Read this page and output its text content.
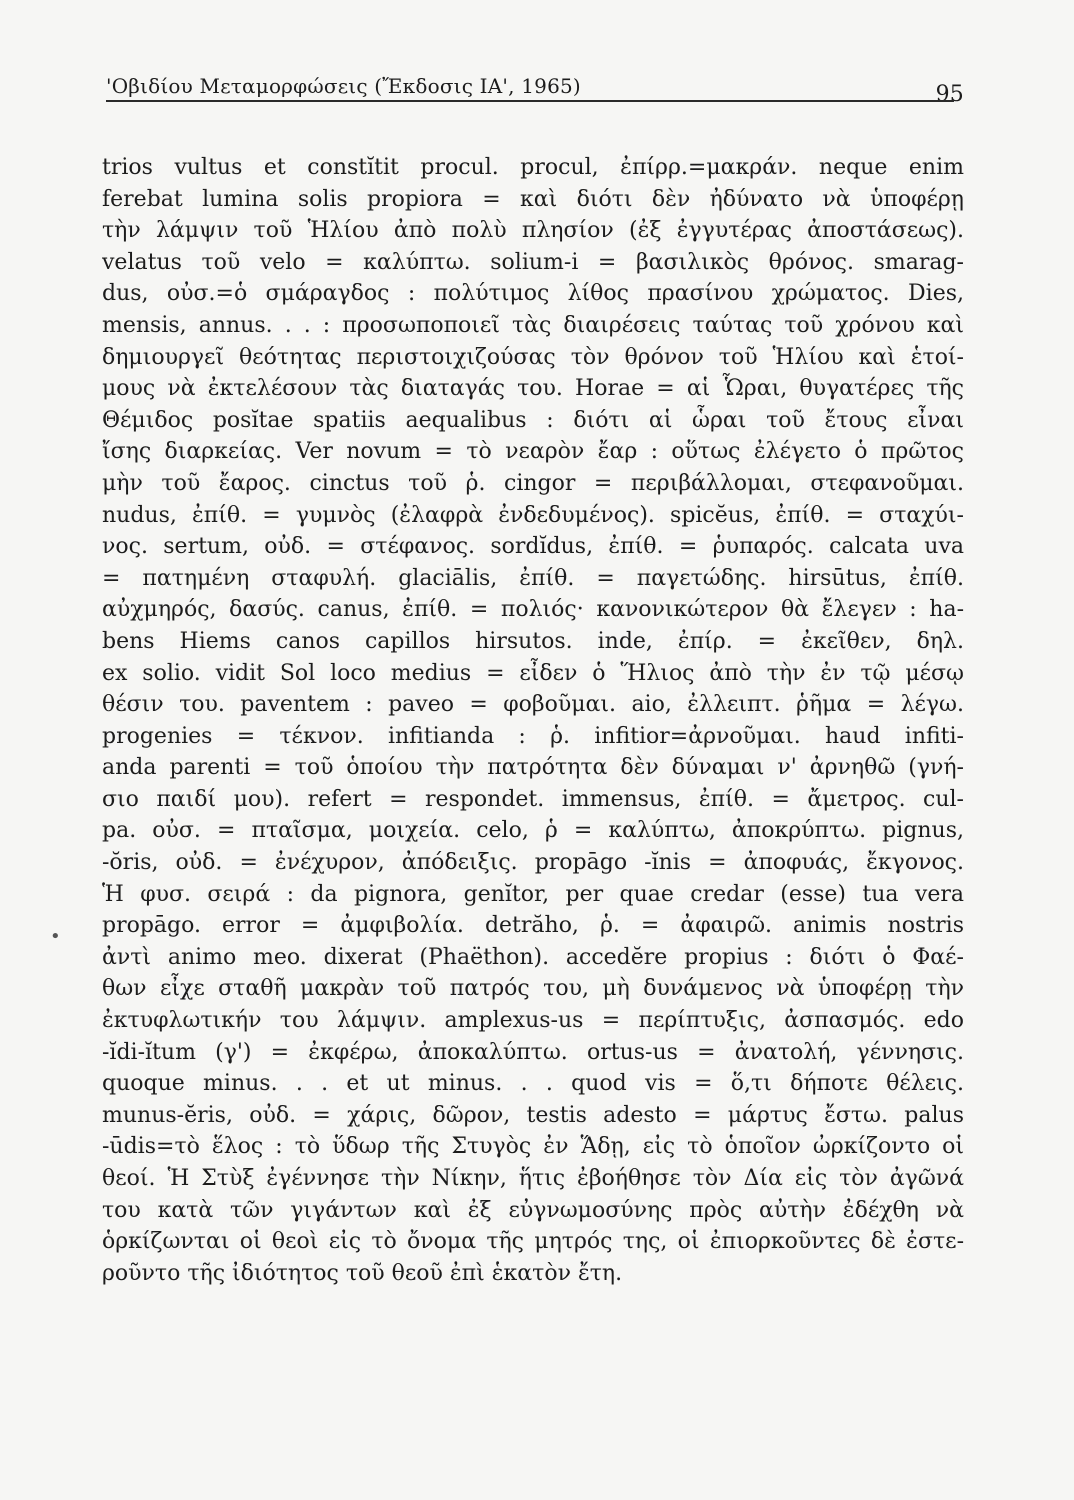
'Οβιδίου Μεταμορφώσεις (Ἔκδοσις ΙΑ', 1965)	95
•
trios vultus et constĭtit procul. procul, ἐπίρρ.=μακράν. neque enim
ferebat lumina solis propiora = καὶ διότι δὲν ἠδύνατο νὰ ὑποφέρῃ
τὴν λάμψιν τοῦ Ἡλίου ἀπὸ πολὺ πλησίον (ἐξ ἐγγυτέρας ἀποστάσεως).
velatus τοῦ velo = καλύπτω. solium-i = βασιλικὸς θρόνος. smarag-
dus, οὐσ.=ὁ σμάραγδος : πολύτιμος λίθος πρασίνου χρώματος. Dies,
mensis, annus. . . : προσωποποιεῖ τὰς διαιρέσεις ταύτας τοῦ χρόνου καὶ
δημιουργεῖ θεότητας περιστοιχιζούσας τὸν θρόνον τοῦ Ἡλίου καὶ ἑτοί-
μους νὰ ἐκτελέσουν τὰς διαταγάς του. Horae = αἱ Ὧραι, θυγατέρες τῆς
Θέμιδος posĭtae spatiis aequalibus : διότι αἱ ὧραι τοῦ ἔτους εἶναι
ἴσης διαρκείας. Ver novum = τὸ νεαρὸν ἔαρ : οὕτως ἐλέγετο ὁ πρῶτος
μὴν τοῦ ἔαρος. cinctus τοῦ ῥ. cingor = περιβάλλομαι, στεφανοῦμαι.
nudus, ἐπίθ. = γυμνὸς (ἐλαφρὰ ἐνδεδυμένος). spicĕus, ἐπίθ. = σταχύι-
νος. sertum, οὐδ. = στέφανος. sordĭdus, ἐπίθ. = ῥυπαρός. calcata uva
= πατημένη σταφυλή. glaciālis, ἐπίθ. = παγετώδης. hirsūtus, ἐπίθ.
αὐχμηρός, δασύς. canus, ἐπίθ. = πολιός· κανονικώτερον θὰ ἔλεγεν : ha-
bens Hiems canos capillos hirsutos. inde, ἐπίρ. = ἐκεῖθεν, δηλ.
ex solio. vidit Sol loco medius = εἶδεν ὁ Ἥλιος ἀπὸ τὴν ἐν τῷ μέσῳ
θέσιν του. paventem : paveo = φοβοῦμαι. aio, ἐλλειπτ. ῥῆμα = λέγω.
progenies = τέκνον. infitianda : ῥ. infitior=ἀρνοῦμαι. haud infiti-
anda parenti = τοῦ ὁποίου τὴν πατρότητα δὲν δύναμαι ν' ἀρνηθῶ (γνή-
σιο παιδί μου). refert = respondet. immensus, ἐπίθ. = ἄμετρος. cul-
pa. οὐσ. = πταῖσμα, μοιχεία. celo, ῥ = καλύπτω, ἀποκρύπτω. pignus,
-ŏris, οὐδ. = ἐνέχυρον, ἀπόδειξις. propāgo -ĭnis = ἀποφυάς, ἔκγονος.
Ἡ φυσ. σειρά : da pignora, genĭtor, per quae credar (esse) tua vera
propāgo. error = ἀμφιβολία. detrăho, ῥ. = ἀφαιρῶ. animis nostris
ἀντὶ animo meo. dixerat (Phaëthon). accedĕre propius : διότι ὁ Φαέ-
θων εἶχε σταθῆ μακρὰν τοῦ πατρός του, μὴ δυνάμενος νὰ ὑποφέρῃ τὴν
ἐκτυφλωτικήν του λάμψιν. amplexus-us = περίπτυξις, ἀσπασμός. edo
-ĭdi-ĭtum (γ') = ἐκφέρω, ἀποκαλύπτω. ortus-us = ἀνατολή, γέννησις.
quoque minus. . . et ut minus. . . quod vis = ὅ,τι δήποτε θέλεις.
munus-ĕris, οὐδ. = χάρις, δῶρον, testis adesto = μάρτυς ἔστω. palus
-ūdis=τὸ ἕλος : τὸ ὕδωρ τῆς Στυγὸς ἐν Ἅδῃ, εἰς τὸ ὁποῖον ὠρκίζοντο οἱ
θεοί. Ἡ Στὺξ ἐγέννησε τὴν Νίκην, ἥτις ἐβοήθησε τὸν Δία εἰς τὸν ἀγῶνά
του κατὰ τῶν γιγάντων καὶ ἐξ εὐγνωμοσύνης πρὸς αὐτὴν ἐδέχθη νὰ
ὁρκίζωνται οἱ θεοὶ εἰς τὸ ὄνομα τῆς μητρός της, οἱ ἐπιορκοῦντες δὲ ἐστε-
ροῦντο τῆς ἰδιότητος τοῦ θεοῦ ἐπὶ ἑκατὸν ἔτη.
